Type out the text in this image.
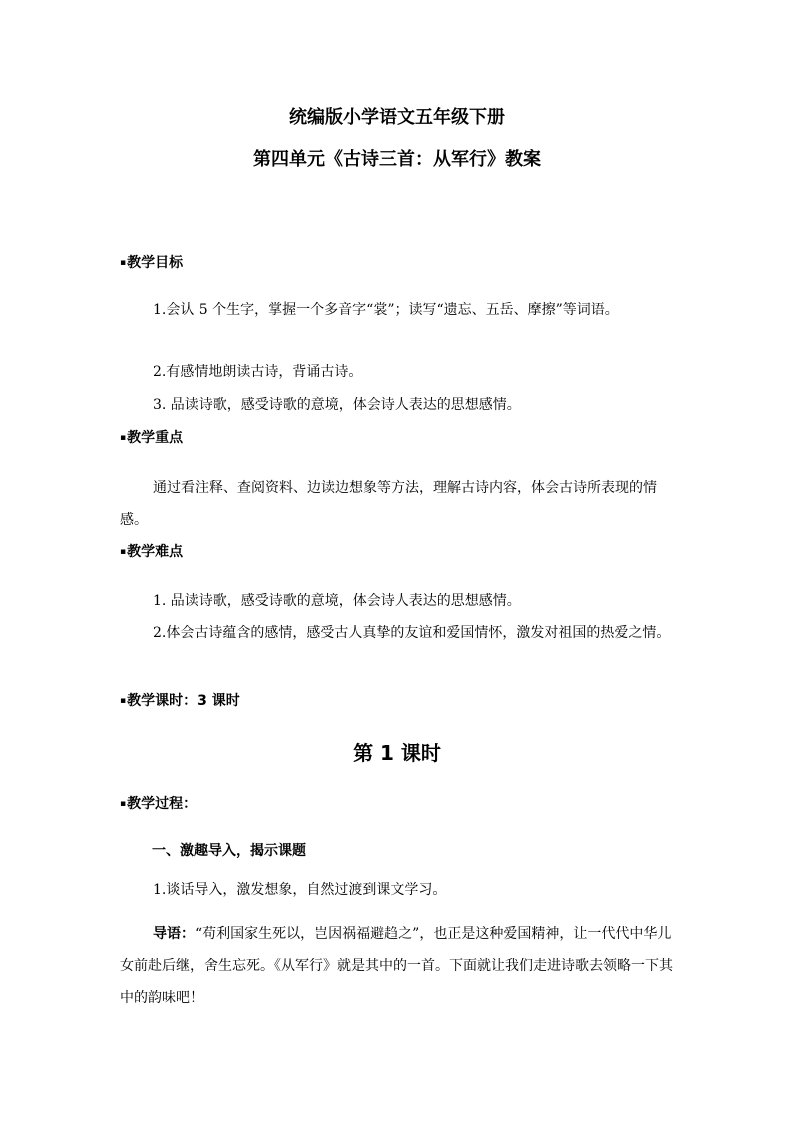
统编版小学语文五年级下册
第四单元《古诗三首：从军行》教案
▪教学目标
1.会认 5 个生字，掌握一个多音字“裳”；读写“遗忘、五岳、摩擦”等词语。
2.有感情地朗读古诗，背诵古诗。
3. 品读诗歌，感受诗歌的意境，体会诗人表达的思想感情。
▪教学重点
通过看注释、查阅资料、边读边想象等方法，理解古诗内容，体会古诗所表现的情感。
▪教学难点
1. 品读诗歌，感受诗歌的意境，体会诗人表达的思想感情。
2.体会古诗蕴含的感情，感受古人真挚的友谊和爱国情怀，激发对祖国的热爱之情。
▪教学课时：3 课时
第 1 课时
▪教学过程：
一、激趣导入，揭示课题
1.谈话导入，激发想象，自然过渡到课文学习。
导语：“苟利国家生死以，岂因祸福避趋之”，也正是这种爱国精神，让一代代中华儿女前赴后继，舍生忘死。《从军行》就是其中的一首。下面就让我们走进诗歌去领略一下其中的韵味吧！
